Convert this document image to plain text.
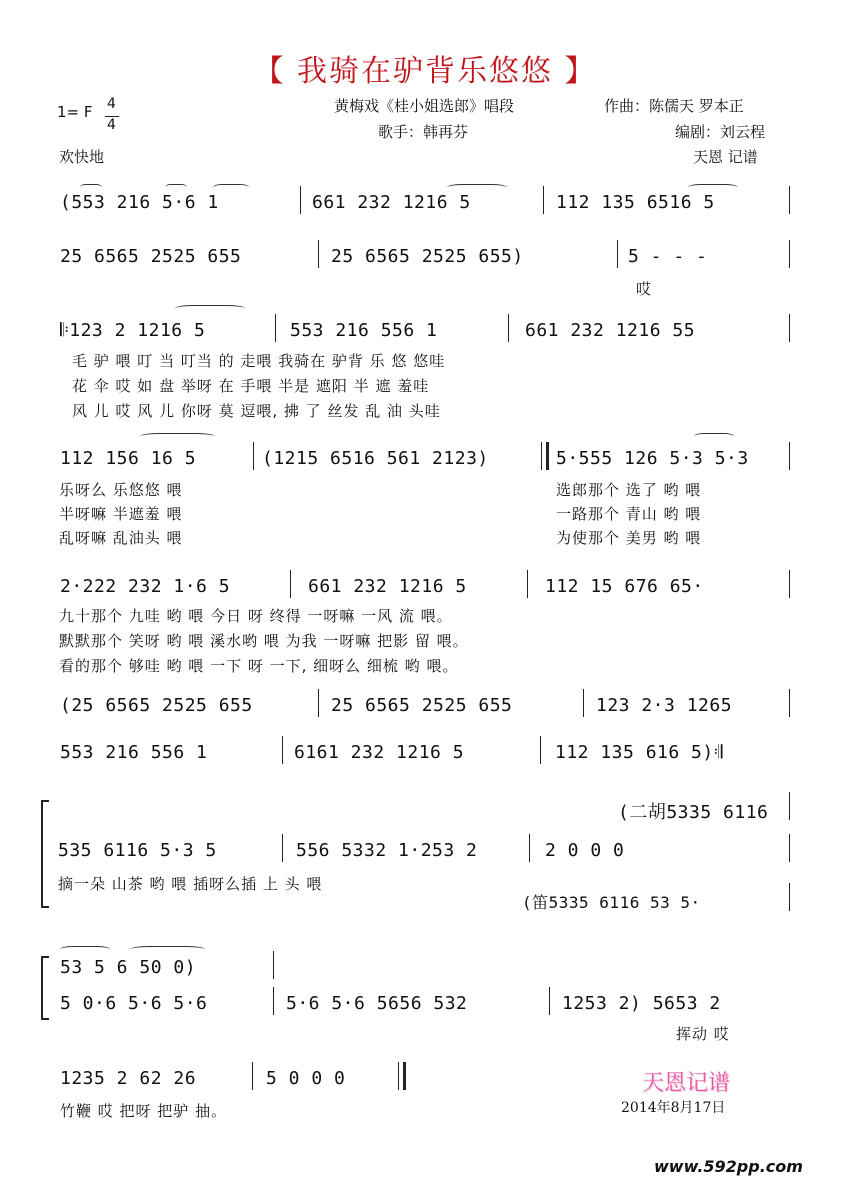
【 我骑在驴背乐悠悠 】
1= F 4
4
欢快地
黄梅戏《桂小姐选郎》唱段
歌手：韩再芬
作曲：陈儒天 罗本正
编剧：刘云程
天恩 记谱
(553 216 5·6 1	661 232 1216 5	112 135 6516 5
25 6565 2525 655	25 6565 2525 655)	5 - - -
哎
𝄆123 2 1216 5	553 216 556 1	661 232 1216 55
毛 驴 喂 叮 当 叮当 的 走喂 我骑在 驴背 乐 悠 悠哇
花 伞 哎 如 盘 举呀 在 手喂 半是 遮阳 半 遮 羞哇
风 儿 哎 风 儿 你呀 莫 逗喂, 拂 了 丝发 乱 油 头哇
112 156 16 5	(1215 6516 561 2123)	5·555 126 5·3 5·3
乐呀么 乐悠悠 喂
半呀嘛 半遮羞 喂
乱呀嘛 乱油头 喂
选郎那个 选了 哟 喂
一路那个 青山 哟 喂
为使那个 美男 哟 喂
2·222 232 1·6 5	661 232 1216 5	112 15 676 65·
九十那个 九哇 哟 喂 今日 呀 终得 一呀嘛 一风 流 喂。
默默那个 笑呀 哟 喂 溪水哟 喂 为我 一呀嘛 把影 留 喂。
看的那个 够哇 哟 喂 一下 呀 一下, 细呀么 细梳 哟 喂。
(25 6565 2525 655	25 6565 2525 655	123 2·3 1265
553 216 556 1	6161 232 1216 5	112 135 616 5)𝄇
(二胡5335 6116
535 6116 5·3 5	556 5332 1·253 2	2 0 0 0
摘一朵 山茶 哟 喂 插呀么插 上 头 喂
(笛5335 6116 53 5·
53 5 6 50 0)
5 0·6 5·6 5·6	5·6 5·6 5656 532	1253 2) 5653 2
挥动 哎
1235 2 62 26	5 0 0 0
竹鞭 哎 把呀 把驴 抽。
天恩记谱
2014年8月17日
www.592pp.com
